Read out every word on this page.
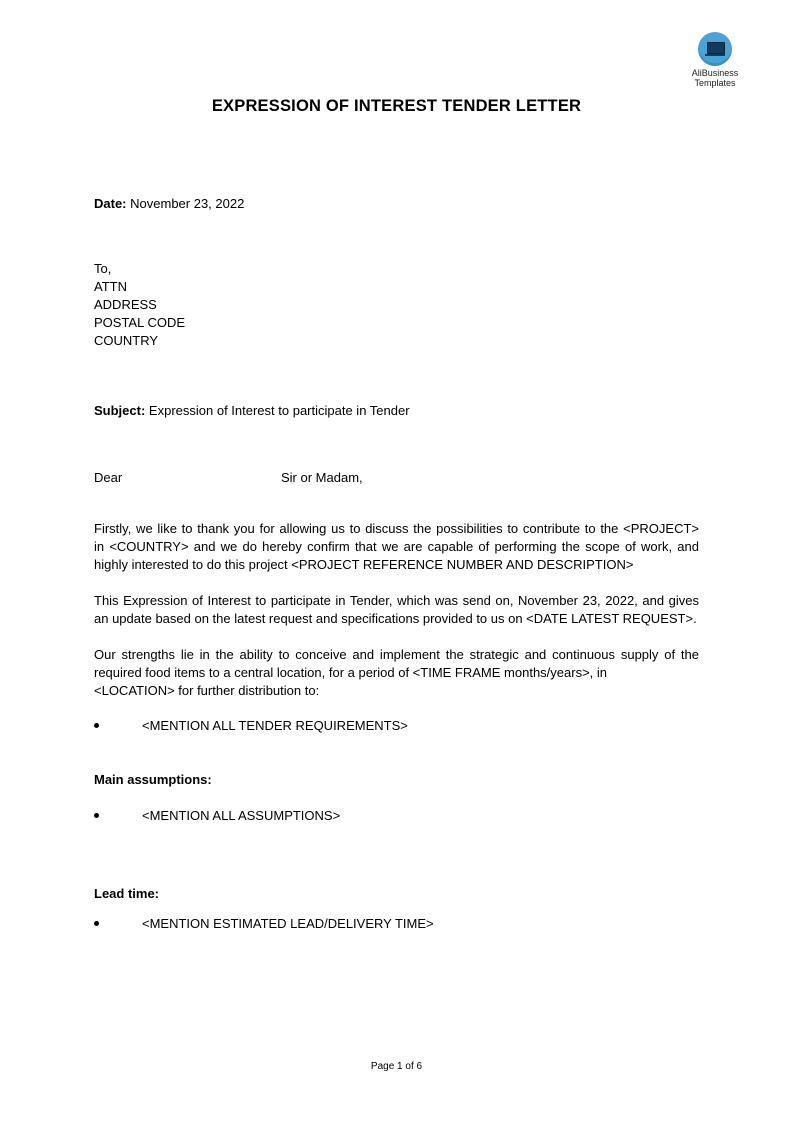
AliBusiness
Templates
EXPRESSION OF INTEREST TENDER LETTER
Date: November 23, 2022
To,
ATTN
ADDRESS
POSTAL CODE
COUNTRY
Subject: Expression of Interest to participate in Tender
Dear	Sir or Madam,
Firstly, we like to thank you for allowing us to discuss the possibilities to contribute to the <PROJECT>
in <COUNTRY> and we do hereby confirm that we are capable of performing the scope of work, and
highly interested to do this project <PROJECT REFERENCE NUMBER AND DESCRIPTION>
This Expression of Interest to participate in Tender, which was send on, November 23, 2022, and gives
an update based on the latest request and specifications provided to us on <DATE LATEST REQUEST>.
Our strengths lie in the ability to conceive and implement the strategic and continuous supply of the
required food items to a central location, for a period of <TIME FRAME months/years>, in
<LOCATION> for further distribution to:
<MENTION ALL TENDER REQUIREMENTS>
Main assumptions:
<MENTION ALL ASSUMPTIONS>
Lead time:
<MENTION ESTIMATED LEAD/DELIVERY TIME>
Page 1 of 6
